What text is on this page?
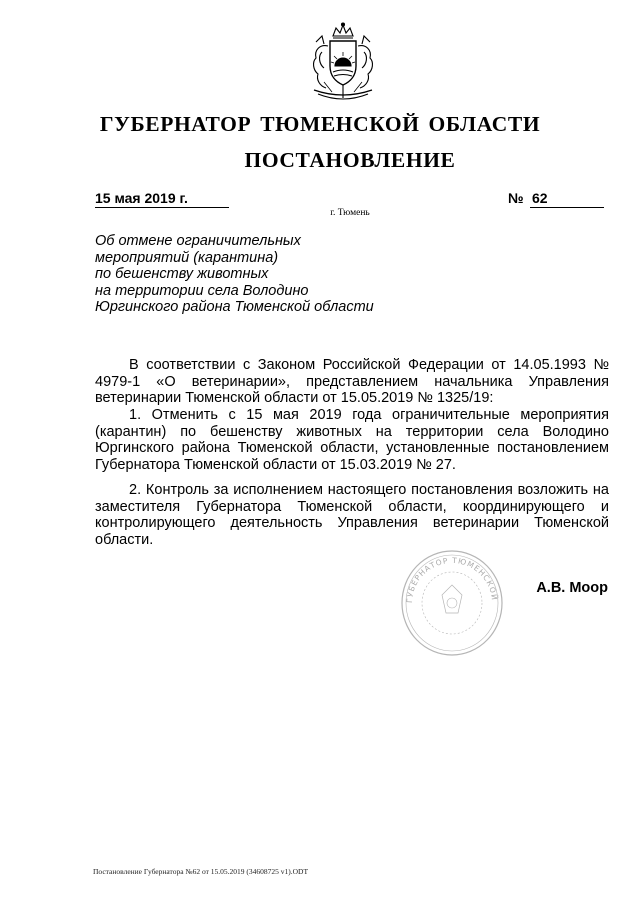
ГУБЕРНАТОР ТЮМЕНСКОЙ ОБЛАСТИ
ПОСТАНОВЛЕНИЕ
15 мая 2019 г.	№ 62
г. Тюмень
Об отмене ограничительных
мероприятий (карантина)
по бешенству животных
на территории села Володино
Юргинского района Тюменской области

В соответствии с Законом Российской Федерации от 14.05.1993 № 4979-1 «О ветеринарии», представлением начальника Управления ветеринарии Тюменской области от 15.05.2019 № 1325/19:

1. Отменить с 15 мая 2019 года ограничительные мероприятия (карантин) по бешенству животных на территории села Володино Юргинского района Тюменской области, установленные постановлением Губернатора Тюменской области от 15.03.2019 № 27.

2. Контроль за исполнением настоящего постановления возложить на заместителя Губернатора Тюменской области, координирующего и контролирующего деятельность Управления ветеринарии Тюменской области.

ГУБЕРНАТОР ТЮМЕНСКОЙ
А.В. Моор
Постановление Губернатора №62 от 15.05.2019 (34608725 v1).ODT
